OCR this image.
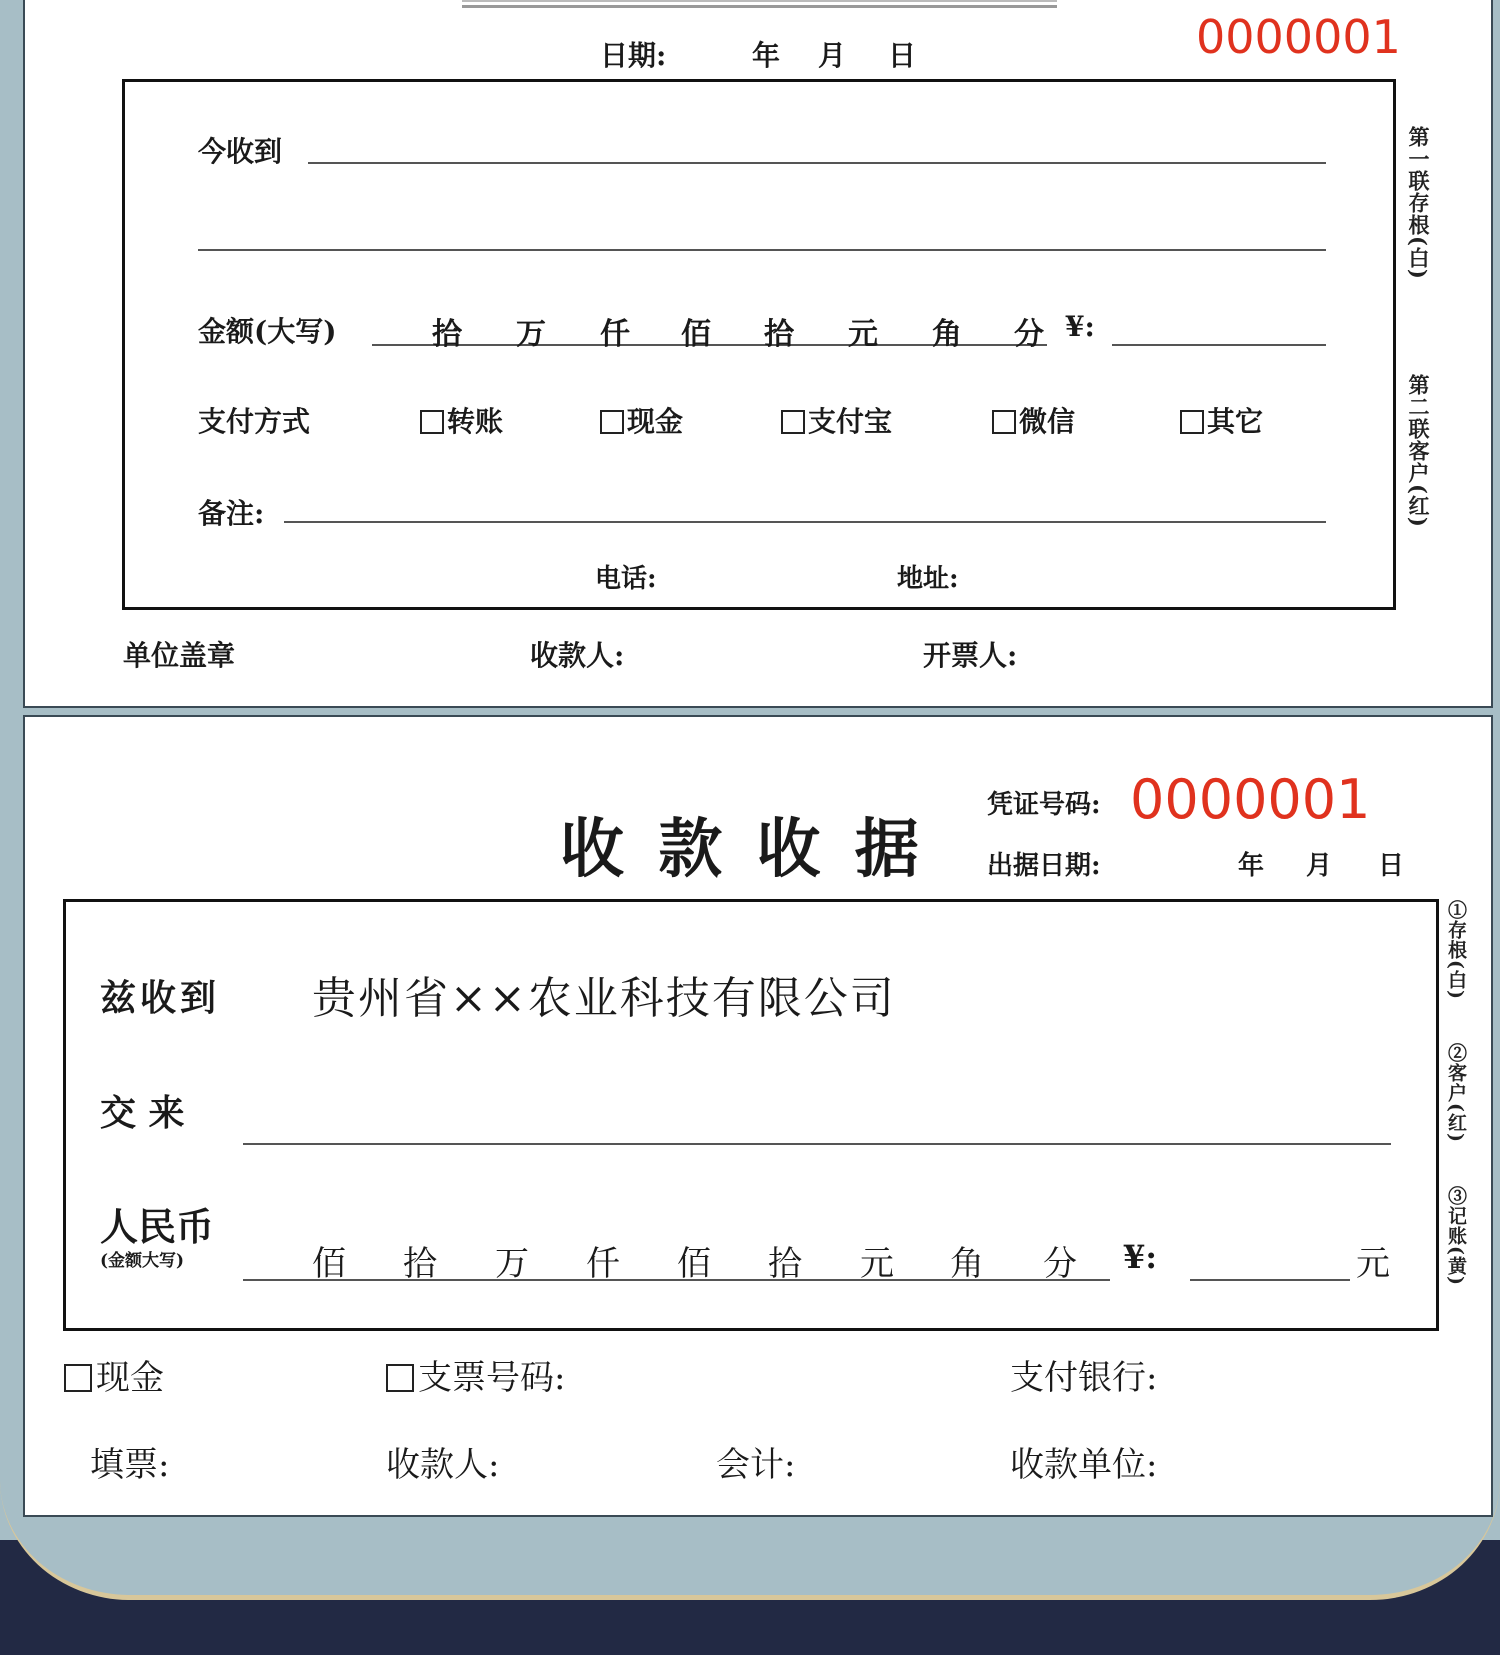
日期:	年 月 日	0000001
今收到
金额(大写)	拾 万 仟 佰 拾 元 角 分 ¥:
支付方式	转账	现金	支付宝	微信	其它
备注:
电话:	地址:
单位盖章	收款人:	开票人:
第一联存根(白)
第二联客户(红)
收 款 收 据
凭证号码: 0000001
出据日期:	年 月 日
兹收到 贵州省××农业科技有限公司
交 来
人民币
(金额大写)	佰 拾 万 仟 佰 拾 元 角 分 ¥:	元
现金	支票号码:	支付银行:
填票:	收款人:	会计:	收款单位:
①存根(白)
②客户(红)
③记账(黄)
